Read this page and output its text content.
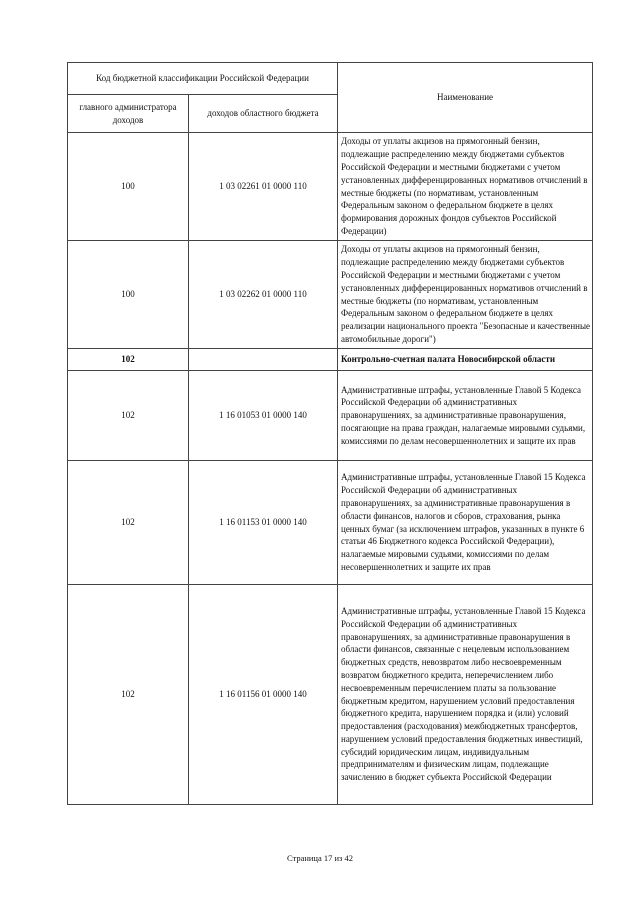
Код бюджетной классификации Российской Федерации		Наименование
главного администратора доходов	доходов областного бюджета	
100	1 03 02261 01 0000 110	Доходы от уплаты акцизов на прямогонный бензин, подлежащие распределению между бюджетами субъектов Российской Федерации и местными бюджетами с учетом установленных дифференцированных нормативов отчислений в местные бюджеты (по нормативам, установленным Федеральным законом о федеральном бюджете в целях формирования дорожных фондов субъектов Российской Федерации)
100	1 03 02262 01 0000 110	Доходы от уплаты акцизов на прямогонный бензин, подлежащие распределению между бюджетами субъектов Российской Федерации и местными бюджетами с учетом установленных дифференцированных нормативов отчислений в местные бюджеты (по нормативам, установленным Федеральным законом о федеральном бюджете в целях реализации национального проекта "Безопасные и качественные автомобильные дороги")
102		Контрольно-счетная палата Новосибирской области
102	1 16 01053 01 0000 140	Административные штрафы, установленные Главой 5 Кодекса Российской Федерации об административных правонарушениях, за административные правонарушения, посягающие на права граждан, налагаемые мировыми судьями, комиссиями по делам несовершеннолетних и защите их прав
102	1 16 01153 01 0000 140	Административные штрафы, установленные Главой 15 Кодекса Российской Федерации об административных правонарушениях, за административные правонарушения в области финансов, налогов и сборов, страхования, рынка ценных бумаг (за исключением штрафов, указанных в пункте 6 статьи 46 Бюджетного кодекса Российской Федерации), налагаемые мировыми судьями, комиссиями по делам несовершеннолетних и защите их прав
102	1 16 01156 01 0000 140	Административные штрафы, установленные Главой 15 Кодекса Российской Федерации об административных правонарушениях, за административные правонарушения в области финансов, связанные с нецелевым использованием бюджетных средств, невозвратом либо несвоевременным возвратом бюджетного кредита, неперечислением либо несвоевременным перечислением платы за пользование бюджетным кредитом, нарушением условий предоставления бюджетного кредита, нарушением порядка и (или) условий предоставления (расходования) межбюджетных трансфертов, нарушением условий предоставления бюджетных инвестиций, субсидий юридическим лицам, индивидуальным предпринимателям и физическим лицам, подлежащие зачислению в бюджет субъекта Российской Федерации
Страница 17 из 42
